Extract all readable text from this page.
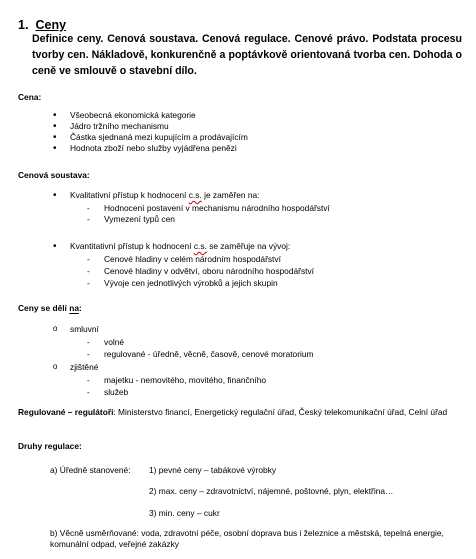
1. Ceny
Definice ceny. Cenová soustava. Cenová regulace. Cenové právo. Podstata procesu tvorby cen. Nákladově, konkurenčně a poptávkově orientovaná tvorba cen. Dohoda o ceně ve smlouvě o stavební dílo.
Cena:
• Všeobecná ekonomická kategorie
• Jádro tržního mechanismu
• Částka sjednaná mezi kupujícím a prodávajícím
• Hodnota zboží nebo služby vyjádřena penězi
Cenová soustava:
• Kvalitativní přístup k hodnocení c.s. je zaměřen na:
- Hodnocení postavení v mechanismu národního hospodářství
- Vymezení typů cen
• Kvantitativní přístup k hodnocení c.s. se zaměřuje na vývoj:
- Cenové hladiny v celém národním hospodářství
- Cenové hladiny v odvětví, oboru národního hospodářství
- Vývoje cen jednotlivých výrobků a jejich skupin
Ceny se dělí na:
o smluvní
- volné
- regulované - úředně, věcně, časově, cenové moratorium
o zjištěné
- majetku - nemovitého, movitého, finančního
- služeb
Regulované – regulátoři: Ministerstvo financí, Energetický regulační úřad, Český telekomunikační úřad, Celní úřad
Druhy regulace:
a) Úředně stanovené: 1) pevné ceny – tabákové výrobky
2) max. ceny – zdravotnictví, nájemné, poštovné, plyn, elektřina…
3) min. ceny – cukr
b) Věcně usměrňované: voda, zdravotní péče, osobní doprava bus i železnice a městská, tepelná energie, komunální odpad, veřejné zakázky
